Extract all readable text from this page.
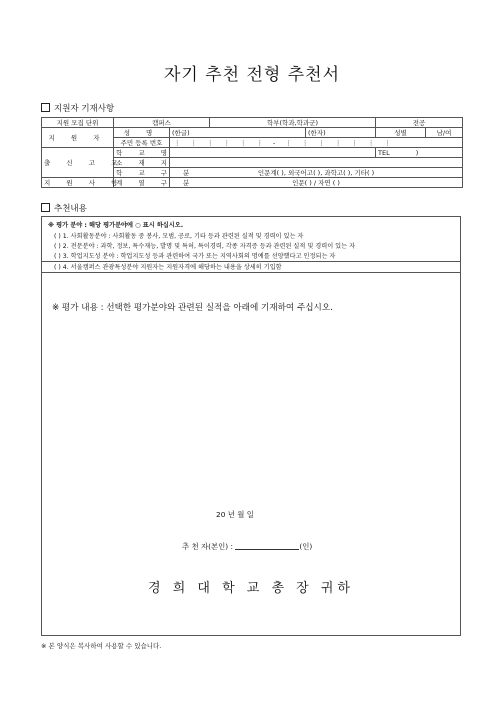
자기 추천 전형 추천서
지원자 기재사항
지원 모집 단위	캠퍼스		학부(학과,학과군)		전공	
지 원 자	성 명	(한글)		(한자)	성별	남/여
	주민 등록 번호	⋮⋮⋮⋮⋮⋮-⋮⋮⋮⋮⋮⋮⋮				
출 신 고 교	학 교 명				TEL )	
	소 재 지					
	학 교 구 분	인문계( ), 외국어고( ), 과학고( ), 기타( )				
지 원 사 항	계 열 구 분	인문( ) / 자연 ( )				
추천내용
※ 평가 분야 : 해당 평가분야에 ○ 표시 하십시오.
( ) 1. 사회활동분야 : 사회활동 중 봉사, 모범, 공로, 기타 등과 관련된 실적 및 경력이 있는 자
( ) 2. 전문분야 : 과학, 정보, 특수재능, 발명 및 특허, 특이경력, 각종 자격증 등과 관련된 실적 및 경력이 있는 자
( ) 3. 학업지도성 분야 : 학업지도성 등과 관련하여 국가 또는 지역사회의 명예를 선양했다고 인정되는 자
( ) 4. 서울캠퍼스 관광특성분야 지원자는 지원자격에 해당하는 내용을 상세히 기입함
※ 평가 내용 : 선택한 평가분야와 관련된 실적을 아래에 기재하여 주십시오.
20 년 월 일
추 천 자(본인) :	(인)
경 희 대 학 교 총 장 귀하
※ 본 양식은 복사하여 사용할 수 있습니다.
